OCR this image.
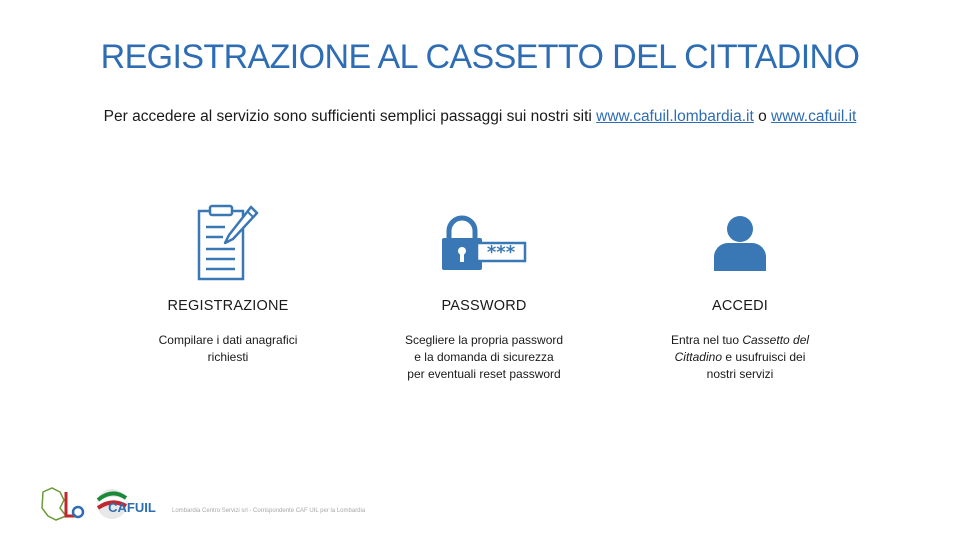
REGISTRAZIONE AL CASSETTO DEL CITTADINO
Per accedere al servizio sono sufficienti semplici passaggi sui nostri siti www.cafuil.lombardia.it o www.cafuil.it
REGISTRAZIONE
Compilare i dati anagrafici richiesti
***
PASSWORD
Scegliere la propria password e la domanda di sicurezza per eventuali reset password
ACCEDI
Entra nel tuo Cassetto del Cittadino e usufruisci dei nostri servizi
CAFUIL	Lombardia Centro Servizi srl - Corrispondente CAF UIL per la Lombardia
